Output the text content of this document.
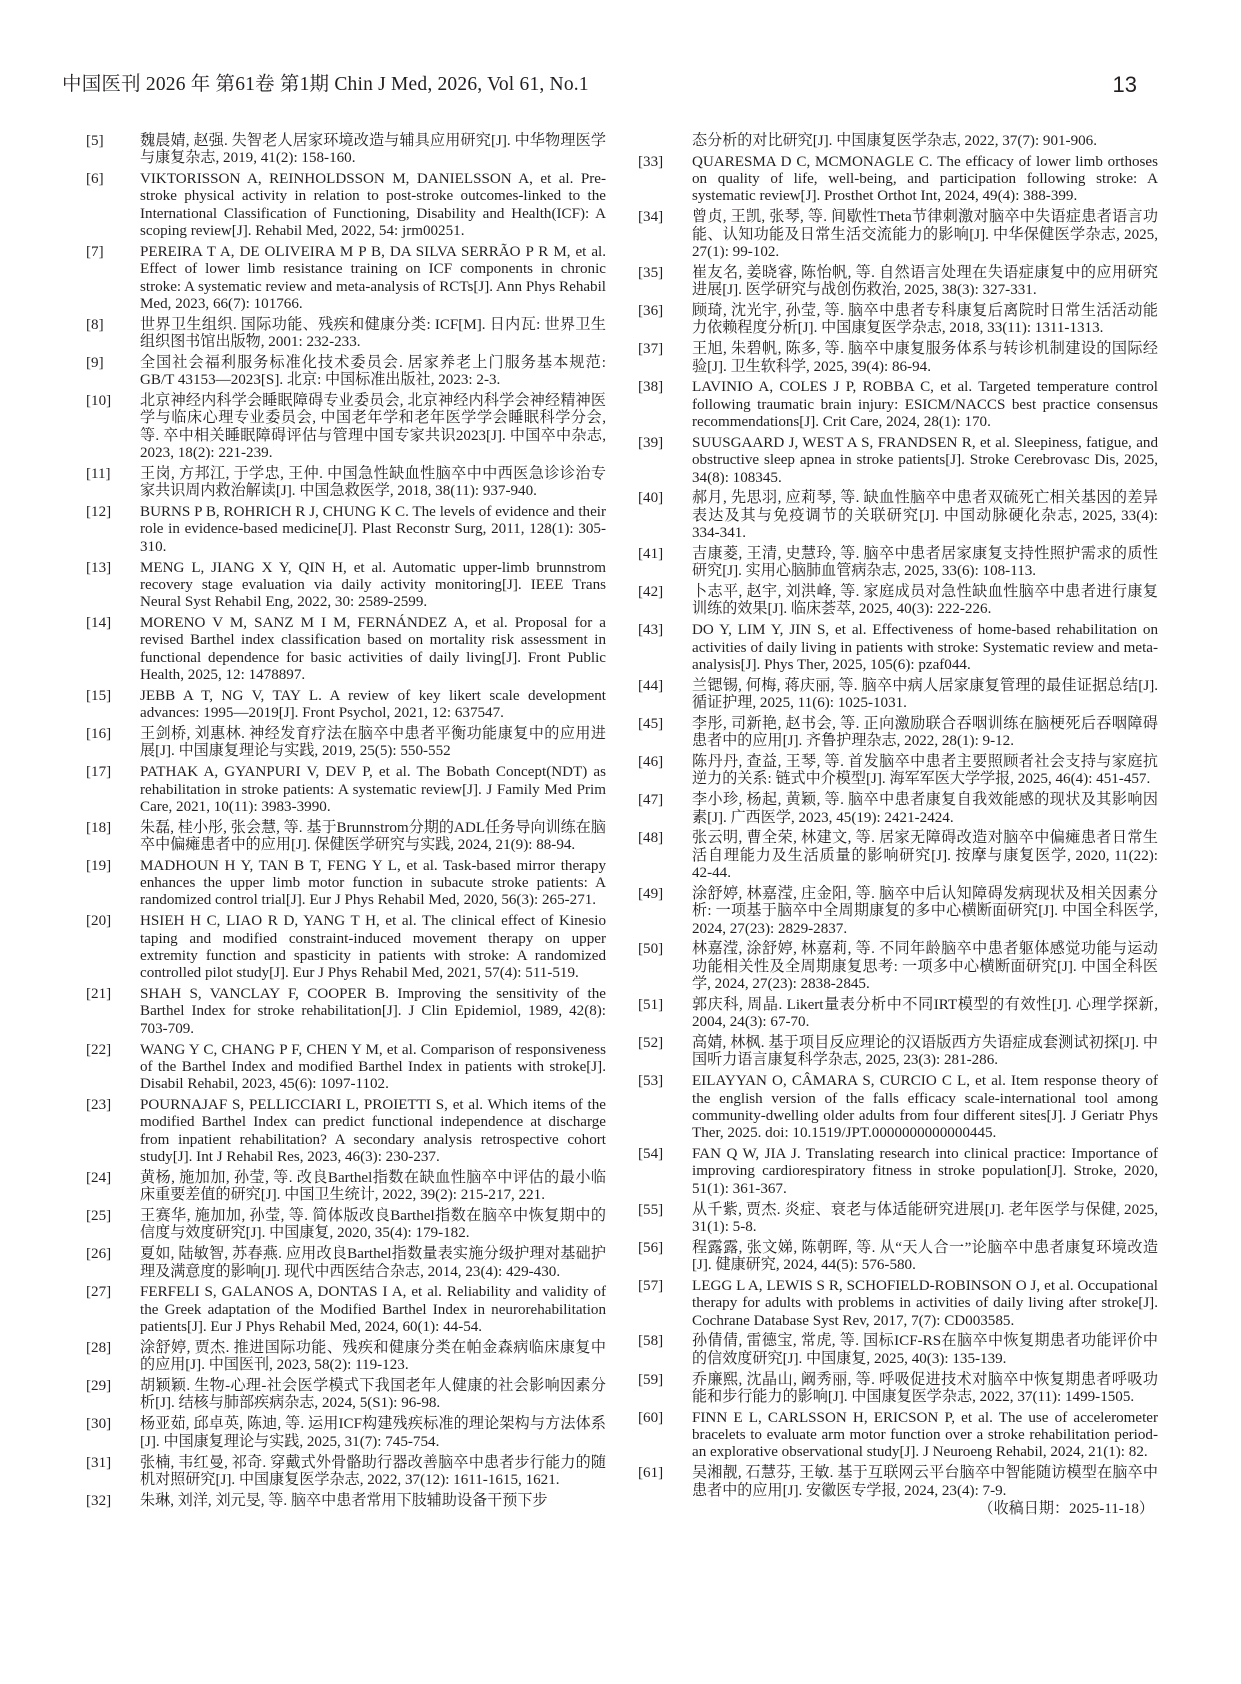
中国医刊 2026 年 第61卷 第1期 Chin J Med, 2026, Vol 61, No.1	13
[5]	魏晨婧, 赵强. 失智老人居家环境改造与辅具应用研究[J]. 中华物理医学与康复杂志, 2019, 41(2): 158-160.
[6]	VIKTORISSON A, REINHOLDSSON M, DANIELSSON A, et al. Pre-stroke physical activity in relation to post-stroke outcomes-linked to the International Classification of Functioning, Disability and Health(ICF): A scoping review[J]. Rehabil Med, 2022, 54: jrm00251.
[7]	PEREIRA T A, DE OLIVEIRA M P B, DA SILVA SERRÃO P R M, et al. Effect of lower limb resistance training on ICF components in chronic stroke: A systematic review and meta-analysis of RCTs[J]. Ann Phys Rehabil Med, 2023, 66(7): 101766.
[8]	世界卫生组织. 国际功能、残疾和健康分类: ICF[M]. 日内瓦: 世界卫生组织图书馆出版物, 2001: 232-233.
[9]	全国社会福利服务标准化技术委员会. 居家养老上门服务基本规范: GB/T 43153—2023[S]. 北京: 中国标准出版社, 2023: 2-3.
[10]	北京神经内科学会睡眠障碍专业委员会, 北京神经内科学会神经精神医学与临床心理专业委员会, 中国老年学和老年医学学会睡眠科学分会, 等. 卒中相关睡眠障碍评估与管理中国专家共识2023[J]. 中国卒中杂志, 2023, 18(2): 221-239.
[11]	王岗, 方邦江, 于学忠, 王仲. 中国急性缺血性脑卒中中西医急诊诊治专家共识周内救治解读[J]. 中国急救医学, 2018, 38(11): 937-940.
[12]	BURNS P B, ROHRICH R J, CHUNG K C. The levels of evidence and their role in evidence-based medicine[J]. Plast Reconstr Surg, 2011, 128(1): 305-310.
[13]	MENG L, JIANG X Y, QIN H, et al. Automatic upper-limb brunnstrom recovery stage evaluation via daily activity monitoring[J]. IEEE Trans Neural Syst Rehabil Eng, 2022, 30: 2589-2599.
[14]	MORENO V M, SANZ M I M, FERNÁNDEZ A, et al. Proposal for a revised Barthel index classification based on mortality risk assessment in functional dependence for basic activities of daily living[J]. Front Public Health, 2025, 12: 1478897.
[15]	JEBB A T, NG V, TAY L. A review of key likert scale development advances: 1995—2019[J]. Front Psychol, 2021, 12: 637547.
[16]	王剑桥, 刘惠林. 神经发育疗法在脑卒中患者平衡功能康复中的应用进展[J]. 中国康复理论与实践, 2019, 25(5): 550-552
[17]	PATHAK A, GYANPURI V, DEV P, et al. The Bobath Concept(NDT) as rehabilitation in stroke patients: A systematic review[J]. J Family Med Prim Care, 2021, 10(11): 3983-3990.
[18]	朱磊, 桂小彤, 张会慧, 等. 基于Brunnstrom分期的ADL任务导向训练在脑卒中偏瘫患者中的应用[J]. 保健医学研究与实践, 2024, 21(9): 88-94.
[19]	MADHOUN H Y, TAN B T, FENG Y L, et al. Task-based mirror therapy enhances the upper limb motor function in subacute stroke patients: A randomized control trial[J]. Eur J Phys Rehabil Med, 2020, 56(3): 265-271.
[20]	HSIEH H C, LIAO R D, YANG T H, et al. The clinical effect of Kinesio taping and modified constraint-induced movement therapy on upper extremity function and spasticity in patients with stroke: A randomized controlled pilot study[J]. Eur J Phys Rehabil Med, 2021, 57(4): 511-519.
[21]	SHAH S, VANCLAY F, COOPER B. Improving the sensitivity of the Barthel Index for stroke rehabilitation[J]. J Clin Epidemiol, 1989, 42(8): 703-709.
[22]	WANG Y C, CHANG P F, CHEN Y M, et al. Comparison of responsiveness of the Barthel Index and modified Barthel Index in patients with stroke[J]. Disabil Rehabil, 2023, 45(6): 1097-1102.
[23]	POURNAJAF S, PELLICCIARI L, PROIETTI S, et al. Which items of the modified Barthel Index can predict functional independence at discharge from inpatient rehabilitation? A secondary analysis retrospective cohort study[J]. Int J Rehabil Res, 2023, 46(3): 230-237.
[24]	黄杨, 施加加, 孙莹, 等. 改良Barthel指数在缺血性脑卒中评估的最小临床重要差值的研究[J]. 中国卫生统计, 2022, 39(2): 215-217, 221.
[25]	王赛华, 施加加, 孙莹, 等. 简体版改良Barthel指数在脑卒中恢复期中的信度与效度研究[J]. 中国康复, 2020, 35(4): 179-182.
[26]	夏如, 陆敏智, 苏春燕. 应用改良Barthel指数量表实施分级护理对基础护理及满意度的影响[J]. 现代中西医结合杂志, 2014, 23(4): 429-430.
[27]	FERFELI S, GALANOS A, DONTAS I A, et al. Reliability and validity of the Greek adaptation of the Modified Barthel Index in neurorehabilitation patients[J]. Eur J Phys Rehabil Med, 2024, 60(1): 44-54.
[28]	涂舒婷, 贾杰. 推进国际功能、残疾和健康分类在帕金森病临床康复中的应用[J]. 中国医刊, 2023, 58(2): 119-123.
[29]	胡颖颖. 生物-心理-社会医学模式下我国老年人健康的社会影响因素分析[J]. 结核与肺部疾病杂志, 2024, 5(S1): 96-98.
[30]	杨亚茹, 邱卓英, 陈迪, 等. 运用ICF构建残疾标准的理论架构与方法体系[J]. 中国康复理论与实践, 2025, 31(7): 745-754.
[31]	张楠, 韦红曼, 祁奇. 穿戴式外骨骼助行器改善脑卒中患者步行能力的随机对照研究[J]. 中国康复医学杂志, 2022, 37(12): 1611-1615, 1621.
[32]	朱琳, 刘洋, 刘元旻, 等. 脑卒中患者常用下肢辅助设备干预下步
态分析的对比研究[J]. 中国康复医学杂志, 2022, 37(7): 901-906.
[33]	QUARESMA D C, MCMONAGLE C. The efficacy of lower limb orthoses on quality of life, well-being, and participation following stroke: A systematic review[J]. Prosthet Orthot Int, 2024, 49(4): 388-399.
[34]	曾贞, 王凯, 张琴, 等. 间歇性Theta节律刺激对脑卒中失语症患者语言功能、认知功能及日常生活交流能力的影响[J]. 中华保健医学杂志, 2025, 27(1): 99-102.
[35]	崔友名, 姜晓睿, 陈怡帆, 等. 自然语言处理在失语症康复中的应用研究进展[J]. 医学研究与战创伤救治, 2025, 38(3): 327-331.
[36]	顾琦, 沈光宇, 孙莹, 等. 脑卒中患者专科康复后离院时日常生活活动能力依赖程度分析[J]. 中国康复医学杂志, 2018, 33(11): 1311-1313.
[37]	王旭, 朱碧帆, 陈多, 等. 脑卒中康复服务体系与转诊机制建设的国际经验[J]. 卫生软科学, 2025, 39(4): 86-94.
[38]	LAVINIO A, COLES J P, ROBBA C, et al. Targeted temperature control following traumatic brain injury: ESICM/NACCS best practice consensus recommendations[J]. Crit Care, 2024, 28(1): 170.
[39]	SUUSGAARD J, WEST A S, FRANDSEN R, et al. Sleepiness, fatigue, and obstructive sleep apnea in stroke patients[J]. Stroke Cerebrovasc Dis, 2025, 34(8): 108345.
[40]	郝月, 先思羽, 应莉琴, 等. 缺血性脑卒中患者双硫死亡相关基因的差异表达及其与免疫调节的关联研究[J]. 中国动脉硬化杂志, 2025, 33(4): 334-341.
[41]	吉康菱, 王清, 史慧玲, 等. 脑卒中患者居家康复支持性照护需求的质性研究[J]. 实用心脑肺血管病杂志, 2025, 33(6): 108-113.
[42]	卜志平, 赵宇, 刘洪峰, 等. 家庭成员对急性缺血性脑卒中患者进行康复训练的效果[J]. 临床荟萃, 2025, 40(3): 222-226.
[43]	DO Y, LIM Y, JIN S, et al. Effectiveness of home-based rehabilitation on activities of daily living in patients with stroke: Systematic review and meta-analysis[J]. Phys Ther, 2025, 105(6): pzaf044.
[44]	兰锶锡, 何梅, 蒋庆丽, 等. 脑卒中病人居家康复管理的最佳证据总结[J]. 循证护理, 2025, 11(6): 1025-1031.
[45]	李彤, 司新艳, 赵书会, 等. 正向激励联合吞咽训练在脑梗死后吞咽障碍患者中的应用[J]. 齐鲁护理杂志, 2022, 28(1): 9-12.
[46]	陈丹丹, 查益, 王琴, 等. 首发脑卒中患者主要照顾者社会支持与家庭抗逆力的关系: 链式中介模型[J]. 海军军医大学学报, 2025, 46(4): 451-457.
[47]	李小珍, 杨起, 黄颖, 等. 脑卒中患者康复自我效能感的现状及其影响因素[J]. 广西医学, 2023, 45(19): 2421-2424.
[48]	张云明, 曹全荣, 林建文, 等. 居家无障碍改造对脑卒中偏瘫患者日常生活自理能力及生活质量的影响研究[J]. 按摩与康复医学, 2020, 11(22): 42-44.
[49]	涂舒婷, 林嘉滢, 庄金阳, 等. 脑卒中后认知障碍发病现状及相关因素分析: 一项基于脑卒中全周期康复的多中心横断面研究[J]. 中国全科医学, 2024, 27(23): 2829-2837.
[50]	林嘉滢, 涂舒婷, 林嘉莉, 等. 不同年龄脑卒中患者躯体感觉功能与运动功能相关性及全周期康复思考: 一项多中心横断面研究[J]. 中国全科医学, 2024, 27(23): 2838-2845.
[51]	郭庆科, 周晶. Likert量表分析中不同IRT模型的有效性[J]. 心理学探新, 2004, 24(3): 67-70.
[52]	高婧, 林枫. 基于项目反应理论的汉语版西方失语症成套测试初探[J]. 中国听力语言康复科学杂志, 2025, 23(3): 281-286.
[53]	EILAYYAN O, CÂMARA S, CURCIO C L, et al. Item response theory of the english version of the falls efficacy scale-international tool among community-dwelling older adults from four different sites[J]. J Geriatr Phys Ther, 2025. doi: 10.1519/JPT.0000000000000445.
[54]	FAN Q W, JIA J. Translating research into clinical practice: Importance of improving cardiorespiratory fitness in stroke population[J]. Stroke, 2020, 51(1): 361-367.
[55]	从千紫, 贾杰. 炎症、衰老与体适能研究进展[J]. 老年医学与保健, 2025, 31(1): 5-8.
[56]	程露露, 张文娣, 陈朝晖, 等. 从“天人合一”论脑卒中患者康复环境改造[J]. 健康研究, 2024, 44(5): 576-580.
[57]	LEGG L A, LEWIS S R, SCHOFIELD-ROBINSON O J, et al. Occupational therapy for adults with problems in activities of daily living after stroke[J]. Cochrane Database Syst Rev, 2017, 7(7): CD003585.
[58]	孙倩倩, 雷德宝, 常虎, 等. 国标ICF-RS在脑卒中恢复期患者功能评价中的信效度研究[J]. 中国康复, 2025, 40(3): 135-139.
[59]	乔廉熙, 沈晶山, 阚秀丽, 等. 呼吸促进技术对脑卒中恢复期患者呼吸功能和步行能力的影响[J]. 中国康复医学杂志, 2022, 37(11): 1499-1505.
[60]	FINN E L, CARLSSON H, ERICSON P, et al. The use of accelerometer bracelets to evaluate arm motor function over a stroke rehabilitation period-an explorative observational study[J]. J Neuroeng Rehabil, 2024, 21(1): 82.
[61]	吴湘靓, 石慧芬, 王敏. 基于互联网云平台脑卒中智能随访模型在脑卒中患者中的应用[J]. 安徽医专学报, 2024, 23(4): 7-9.
（收稿日期：2025-11-18）
